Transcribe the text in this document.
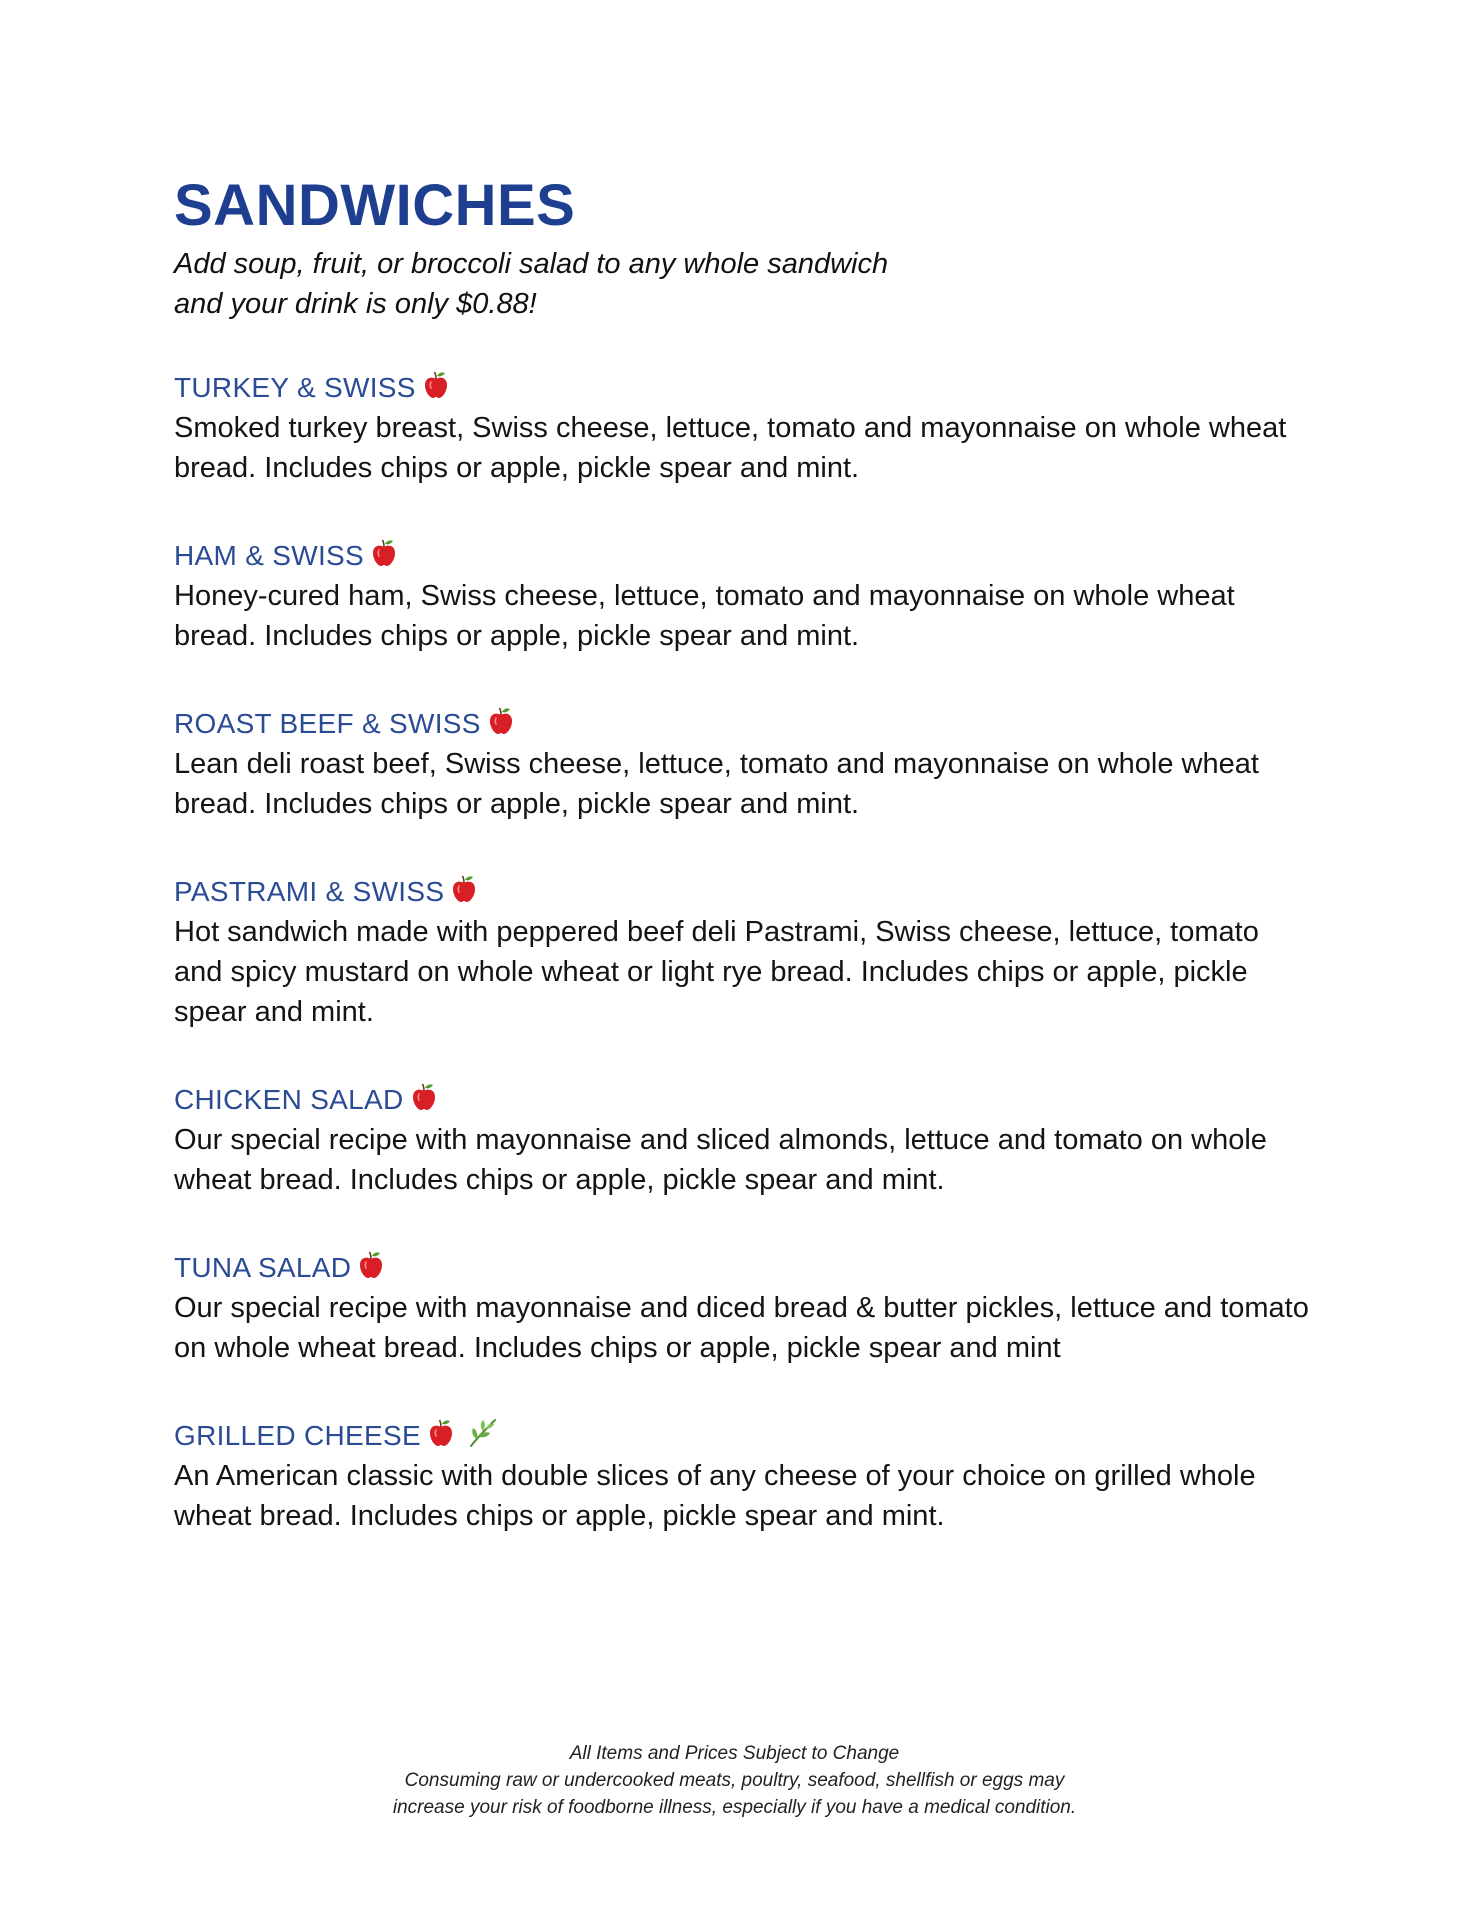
SANDWICHES
Add soup, fruit, or broccoli salad to any whole sandwich
and your drink is only $0.88!
TURKEY & SWISS
Smoked turkey breast, Swiss cheese, lettuce, tomato and mayonnaise on whole wheat bread. Includes chips or apple, pickle spear and mint.
HAM & SWISS
Honey-cured ham, Swiss cheese, lettuce, tomato and mayonnaise on whole wheat bread. Includes chips or apple, pickle spear and mint.
ROAST BEEF & SWISS
Lean deli roast beef, Swiss cheese, lettuce, tomato and mayonnaise on whole wheat bread. Includes chips or apple, pickle spear and mint.
PASTRAMI & SWISS
Hot sandwich made with peppered beef deli Pastrami, Swiss cheese, lettuce, tomato and spicy mustard on whole wheat or light rye bread. Includes chips or apple, pickle spear and mint.
CHICKEN SALAD
Our special recipe with mayonnaise and sliced almonds, lettuce and tomato on whole wheat bread. Includes chips or apple, pickle spear and mint.
TUNA SALAD
Our special recipe with mayonnaise and diced bread & butter pickles, lettuce and tomato on whole wheat bread. Includes chips or apple, pickle spear and mint
GRILLED CHEESE
An American classic with double slices of any cheese of your choice on grilled whole wheat bread. Includes chips or apple, pickle spear and mint.
All Items and Prices Subject to Change
Consuming raw or undercooked meats, poultry, seafood, shellfish or eggs may
increase your risk of foodborne illness, especially if you have a medical condition.
